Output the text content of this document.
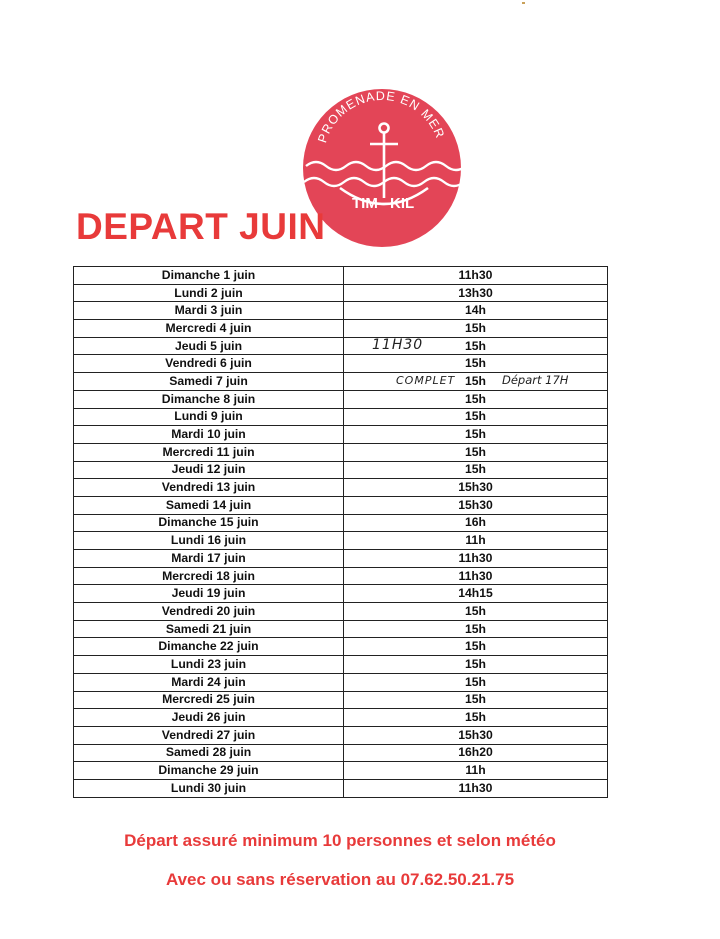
PROMENADE EN MER
TIM KIL
DEPART JUIN
Dimanche 1 juin	11h30
Lundi 2 juin	13h30
Mardi 3 juin	14h
Mercredi 4 juin	15h
Jeudi 5 juin	15h
11H30

Vendredi 6 juin	15h
Samedi 7 juin	15h
COMPLET Départ 17H

Dimanche 8 juin	15h
Lundi 9 juin	15h
Mardi 10 juin	15h
Mercredi 11 juin	15h
Jeudi 12 juin	15h
Vendredi 13 juin	15h30
Samedi 14 juin	15h30
Dimanche 15 juin	16h
Lundi 16 juin	11h
Mardi 17 juin	11h30
Mercredi 18 juin	11h30
Jeudi 19 juin	14h15
Vendredi 20 juin	15h
Samedi 21 juin	15h
Dimanche 22 juin	15h
Lundi 23 juin	15h
Mardi 24 juin	15h
Mercredi 25 juin	15h
Jeudi 26 juin	15h
Vendredi 27 juin	15h30
Samedi 28 juin	16h20
Dimanche 29 juin	11h
Lundi 30 juin	11h30

Départ assuré minimum 10 personnes et selon météo

Avec ou sans réservation au 07.62.50.21.75
